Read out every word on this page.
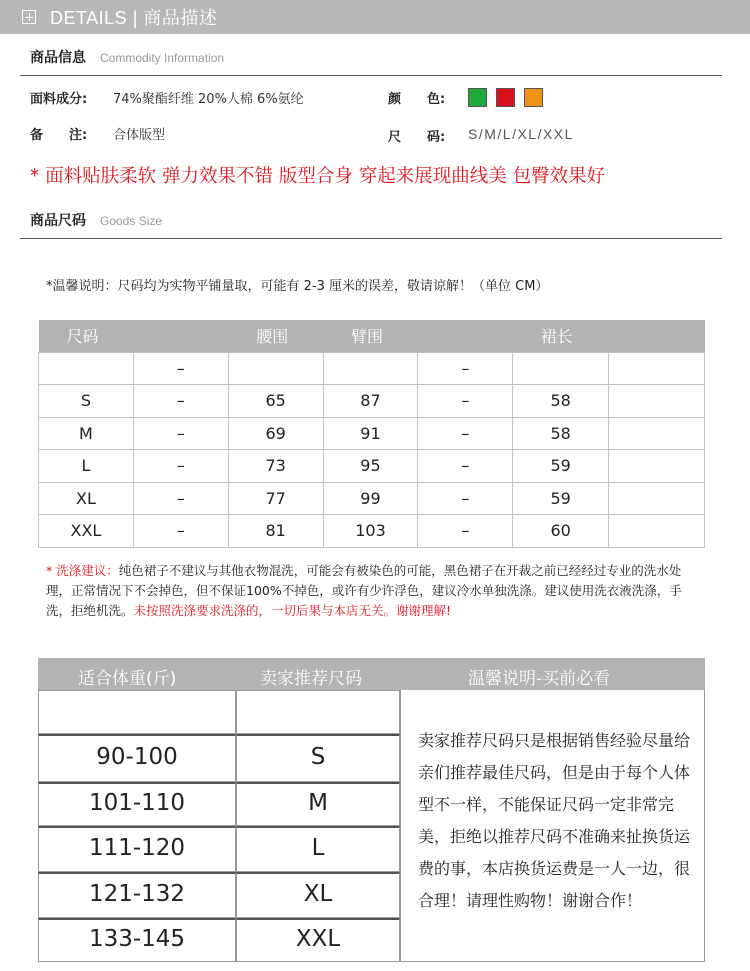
DETAILS | 商品描述
商品信息 Commodity Information
面料成分: 74%聚酯纤维 20%人棉 6%氨纶	颜　　色:
备　　注: 合体版型	尺　　码: S/M/L/XL/XXL
* 面料贴肤柔软 弹力效果不错 版型合身 穿起来展现曲线美 包臀效果好
商品尺码 Goods Size
*温馨说明：尺码均为实物平铺量取，可能有 2-3 厘米的误差，敬请谅解！（单位 CM）
尺码		腰围	臂围		裙长	
	–			–		
S	–	65	87	–	58	
M	–	69	91	–	58	
L	–	73	95	–	59	
XL	–	77	99	–	59	
XXL	–	81	103	–	60	
* 洗涤建议：纯色裙子不建议与其他衣物混洗，可能会有被染色的可能，黑色裙子在开裁之前已经经过专业的洗水处理，正常情况下不会掉色，但不保证100%不掉色，或许有少许浮色，建议冷水单独洗涤。建议使用洗衣液洗涤，手洗，拒绝机洗。未按照洗涤要求洗涤的，一切后果与本店无关。谢谢理解!
适合体重(斤)	卖家推荐尺码	温馨说明-买前必看
90-100	S
101-110	M
111-120	L
121-132	XL
133-145	XXL
卖家推荐尺码只是根据销售经验尽量给亲们推荐最佳尺码，但是由于每个人体型不一样，不能保证尺码一定非常完美，拒绝以推荐尺码不准确来扯换货运费的事，本店换货运费是一人一边，很合理！请理性购物！谢谢合作！
